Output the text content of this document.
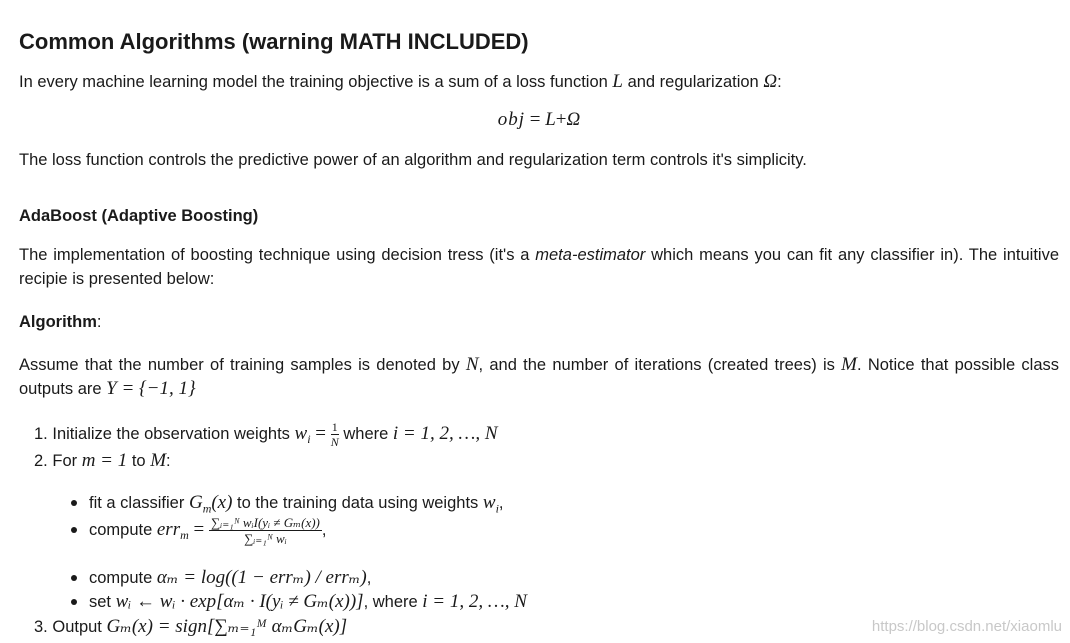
Common Algorithms (warning MATH INCLUDED)

In every machine learning model the training objective is a sum of a loss function L and regularization Ω:

obj = L+Ω

The loss function controls the predictive power of an algorithm and regularization term controls it's simplicity.

AdaBoost (Adaptive Boosting)

The implementation of boosting technique using decision tress (it's a meta-estimator which means you can fit any classifier in). The intuitive recipie is presented below:

Algorithm:

Assume that the number of training samples is denoted by N, and the number of iterations (created trees) is M. Notice that possible class outputs are Y = {−1, 1}

1. Initialize the observation weights $w_i = \frac{1}{N}$ where i = 1, 2, …, N
2. For m = 1 to M:
fit a classifier $G_m(x)$ to the training data using weights $w_i$,
compute $err_m = \frac{\text{∑ᵢ₌₁ᴺ wᵢI(yᵢ ≠ Gₘ(x))}}{\text{∑ᵢ₌₁ᴺ wᵢ}}$ ,
compute αₘ = log((1 − errₘ) / errₘ),
set wᵢ ← wᵢ · exp[αₘ · I(yᵢ ≠ Gₘ(x))], where i = 1, 2, …, N
3. Output Gₘ(x) = sign[∑ₘ₌₁ᴹ αₘGₘ(x)]	https://blog.csdn.net/xiaomlu
